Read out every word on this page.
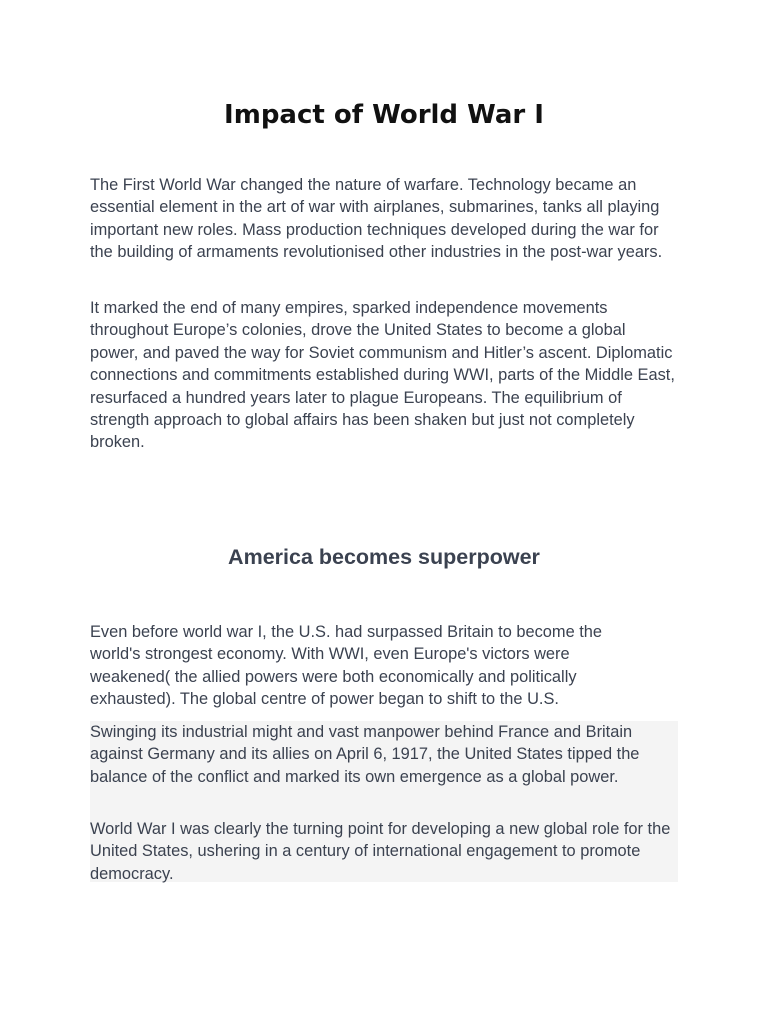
Impact of World War I

The First World War changed the nature of warfare. Technology became an essential element in the art of war with airplanes, submarines, tanks all playing important new roles. Mass production techniques developed during the war for the building of armaments revolutionised other industries in the post-war years.

It marked the end of many empires, sparked independence movements throughout Europe’s colonies, drove the United States to become a global power, and paved the way for Soviet communism and Hitler’s ascent. Diplomatic connections and commitments established during WWI, parts of the Middle East, resurfaced a hundred years later to plague Europeans. The equilibrium of strength approach to global affairs has been shaken but just not completely broken.

America becomes superpower

Even before world war I, the U.S. had surpassed Britain to become the world's strongest economy. With WWI, even Europe's victors were weakened( the allied powers were both economically and politically exhausted). The global centre of power began to shift to the U.S.

Swinging its industrial might and vast manpower behind France and Britain against Germany and its allies on April 6, 1917, the United States tipped the balance of the conflict and marked its own emergence as a global power.

World War I was clearly the turning point for developing a new global role for the United States, ushering in a century of international engagement to promote democracy.
